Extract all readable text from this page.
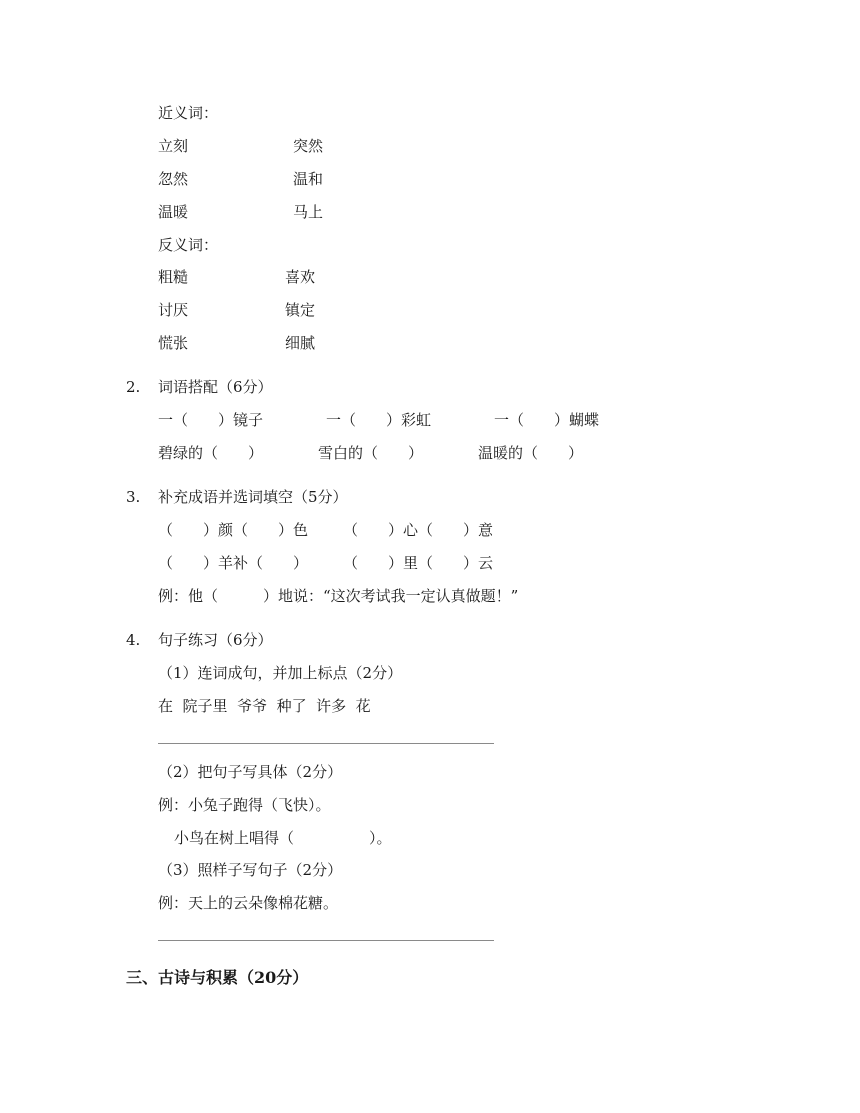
近义词：
立刻	突然
忽然	温和
温暖	马上
反义词：
粗糙	喜欢
讨厌	镇定
慌张	细腻
2. 词语搭配（6分）
一（　　）镜子	一（　　）彩虹	一（　　）蝴蝶
碧绿的（　　）	雪白的（　　）	温暖的（　　）
3. 补充成语并选词填空（5分）
（　　）颜（　　）色 （　　）心（　　）意
（　　）羊补（　　） （　　）里（　　）云
例：他（　　　）地说：“这次考试我一定认真做题！”
4. 句子练习（6分）
（1）连词成句，并加上标点（2分）
在  院子里  爷爷  种了  许多  花
（2）把句子写具体（2分）
例：小兔子跑得（飞快）。
小鸟在树上唱得（　　　　　）。
（3）照样子写句子（2分）
例：天上的云朵像棉花糖。
三、古诗与积累（20分）
